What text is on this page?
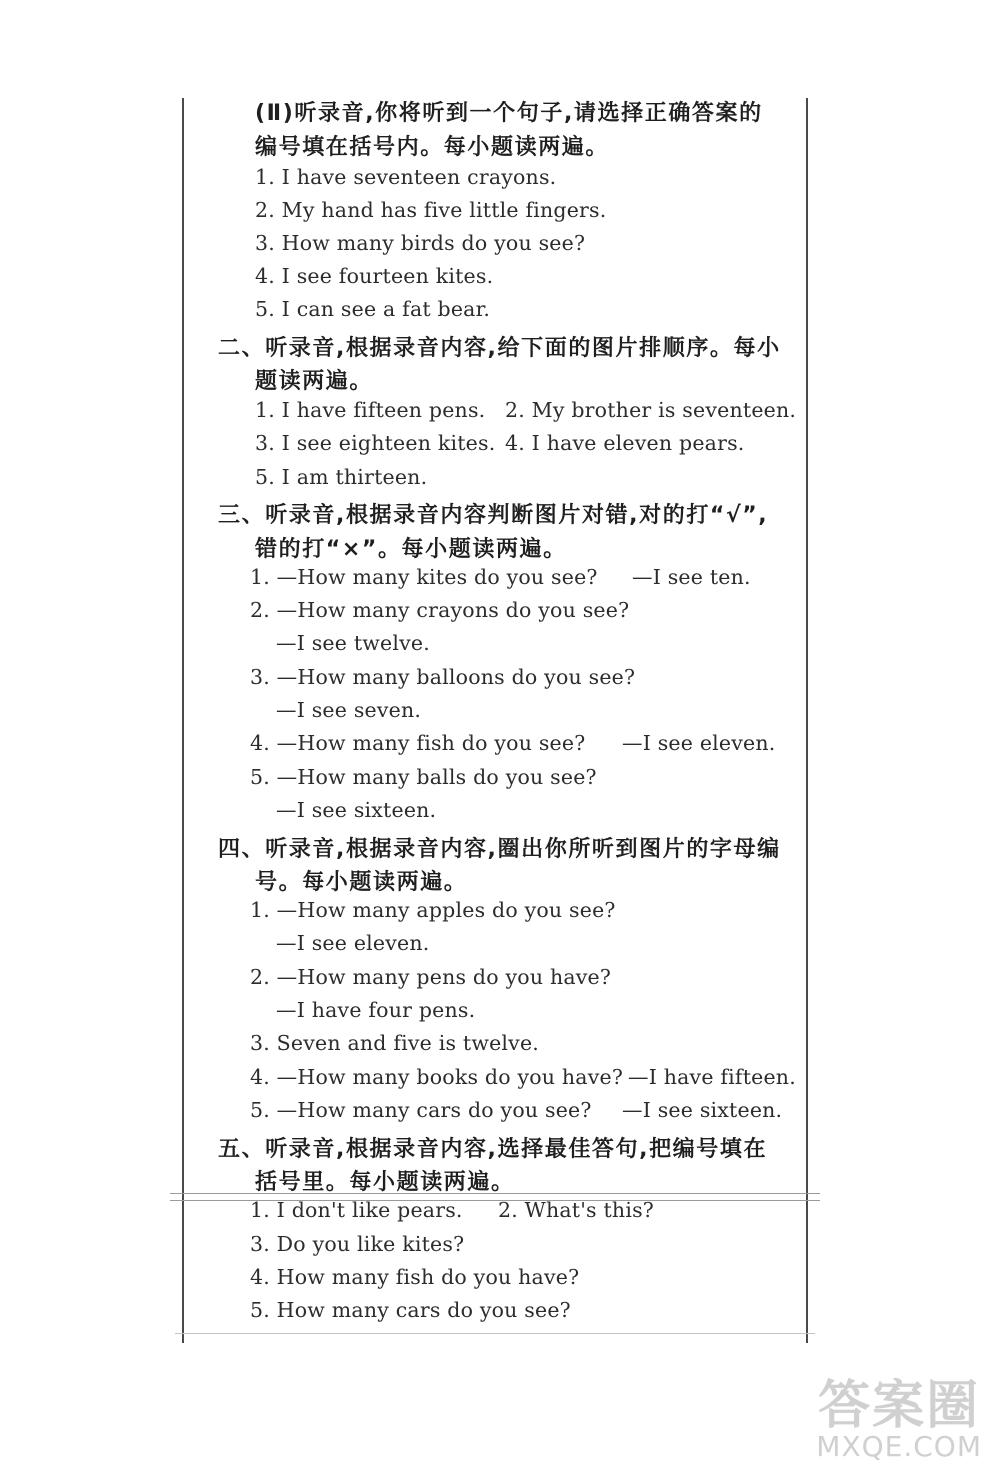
(Ⅱ)听录音,你将听到一个句子,请选择正确答案的
编号填在括号内。每小题读两遍。
1. I have seventeen crayons.
2. My hand has five little fingers.
3. How many birds do you see?
4. I see fourteen kites.
5. I can see a fat bear.
二、听录音,根据录音内容,给下面的图片排顺序。每小
题读两遍。
1. I have fifteen pens. 2. My brother is seventeen.
3. I see eighteen kites. 4. I have eleven pears.
5. I am thirteen.
三、听录音,根据录音内容判断图片对错,对的打“√”,
错的打“×”。每小题读两遍。
1. —How many kites do you see? —I see ten.
2. —How many crayons do you see?
—I see twelve.
3. —How many balloons do you see?
—I see seven.
4. —How many fish do you see? —I see eleven.
5. —How many balls do you see?
—I see sixteen.
四、听录音,根据录音内容,圈出你所听到图片的字母编
号。每小题读两遍。
1. —How many apples do you see?
—I see eleven.
2. —How many pens do you have?
—I have four pens.
3. Seven and five is twelve.
4. —How many books do you have? —I have fifteen.
5. —How many cars do you see? —I see sixteen.
五、听录音,根据录音内容,选择最佳答句,把编号填在
括号里。每小题读两遍。
1. I don't like pears. 2. What's this?
3. Do you like kites?
4. How many fish do you have?
5. How many cars do you see?
答案圈
MXQE.COM
